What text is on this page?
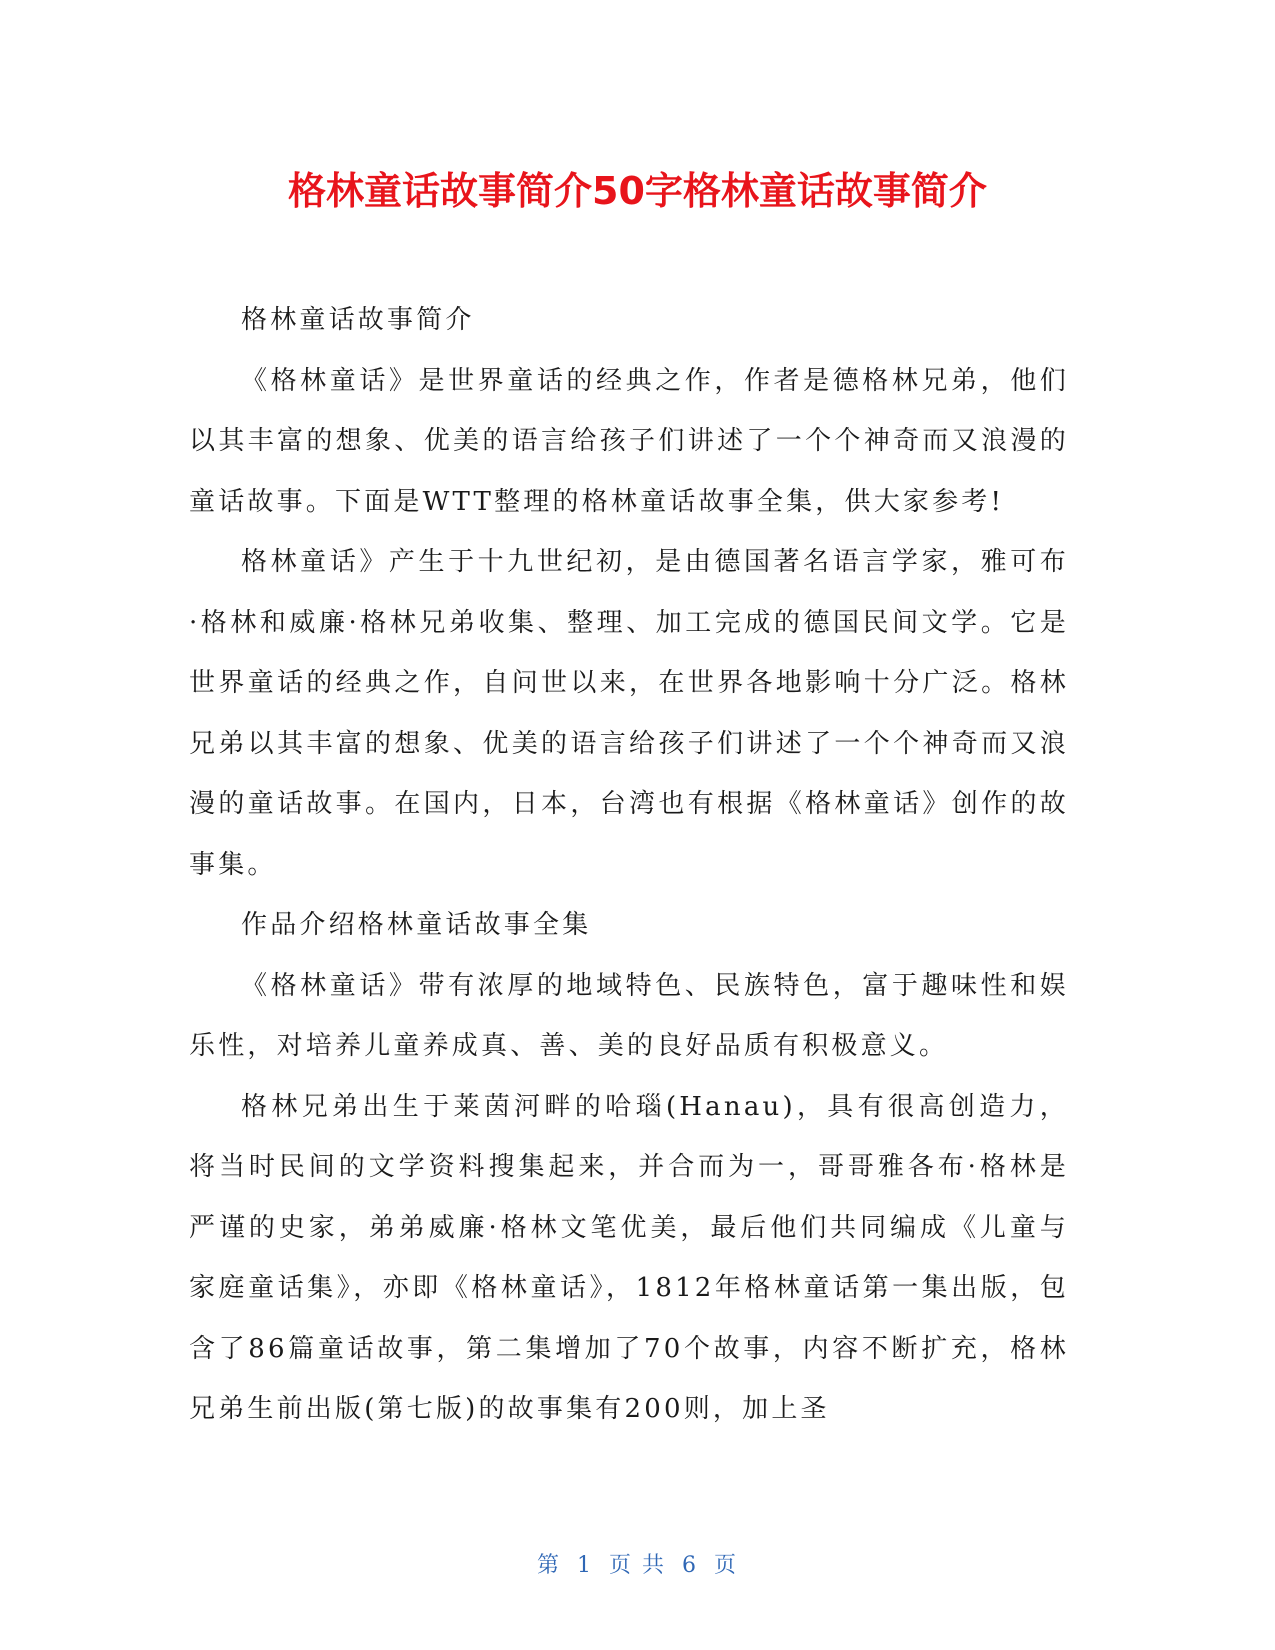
格林童话故事简介50字格林童话故事简介

格林童话故事简介

《格林童话》是世界童话的经典之作，作者是德格林兄弟，他们以其丰富的想象、优美的语言给孩子们讲述了一个个神奇而又浪漫的童话故事。下面是WTT整理的格林童话故事全集，供大家参考!

格林童话》产生于十九世纪初，是由德国著名语言学家，雅可布·格林和威廉·格林兄弟收集、整理、加工完成的德国民间文学。它是世界童话的经典之作，自问世以来，在世界各地影响十分广泛。格林兄弟以其丰富的想象、优美的语言给孩子们讲述了一个个神奇而又浪漫的童话故事。在国内，日本，台湾也有根据《格林童话》创作的故事集。

作品介绍格林童话故事全集

《格林童话》带有浓厚的地域特色、民族特色，富于趣味性和娱乐性，对培养儿童养成真、善、美的良好品质有积极意义。

格林兄弟出生于莱茵河畔的哈瑙(Hanau)，具有很高创造力，将当时民间的文学资料搜集起来，并合而为一，哥哥雅各布·格林是严谨的史家，弟弟威廉·格林文笔优美，最后他们共同编成《儿童与家庭童话集》，亦即《格林童话》，1812年格林童话第一集出版，包含了86篇童话故事，第二集增加了70个故事，内容不断扩充，格林兄弟生前出版(第七版)的故事集有200则，加上圣

第 1 页 共 6 页
